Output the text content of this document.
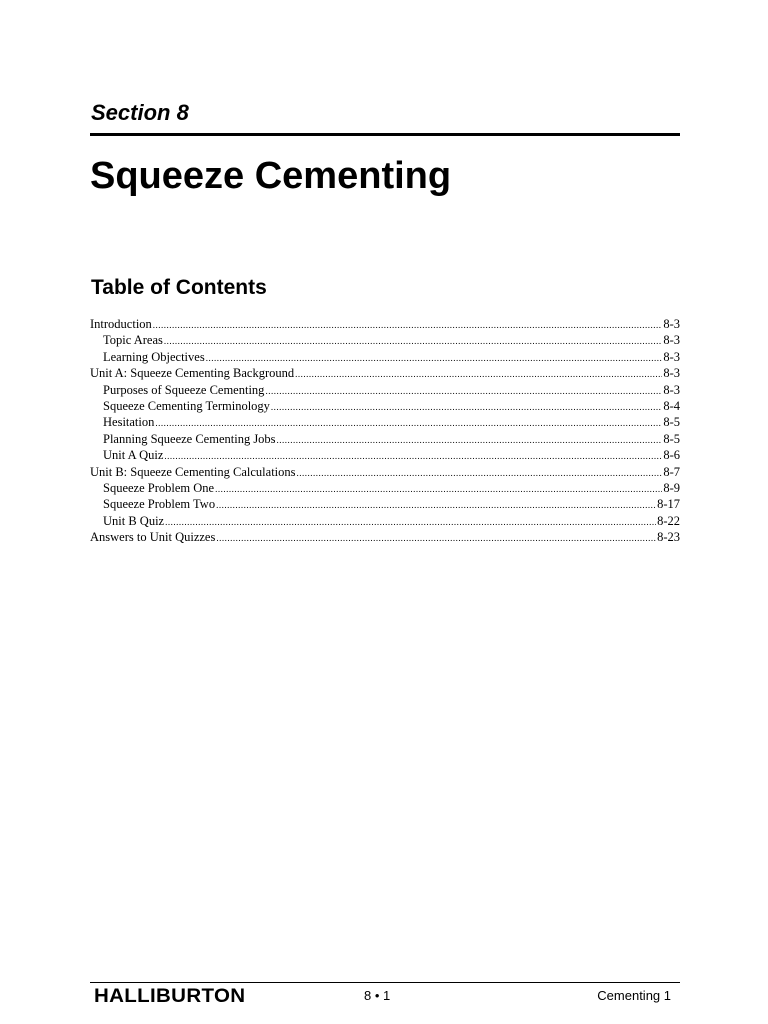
Section 8
Squeeze Cementing
Table of Contents
Introduction .....	8-3
Topic Areas .....	8-3
Learning Objectives .....	8-3
Unit A: Squeeze Cementing Background .....	8-3
Purposes of Squeeze Cementing .....	8-3
Squeeze Cementing Terminology .....	8-4
Hesitation .....	8-5
Planning Squeeze Cementing Jobs .....	8-5
Unit A Quiz .....	8-6
Unit B: Squeeze Cementing Calculations .....	8-7
Squeeze Problem One .....	8-9
Squeeze Problem Two .....	8-17
Unit B Quiz .....	8-22
Answers to Unit Quizzes .....	8-23
HALLIBURTON	8 • 1	Cementing 1
